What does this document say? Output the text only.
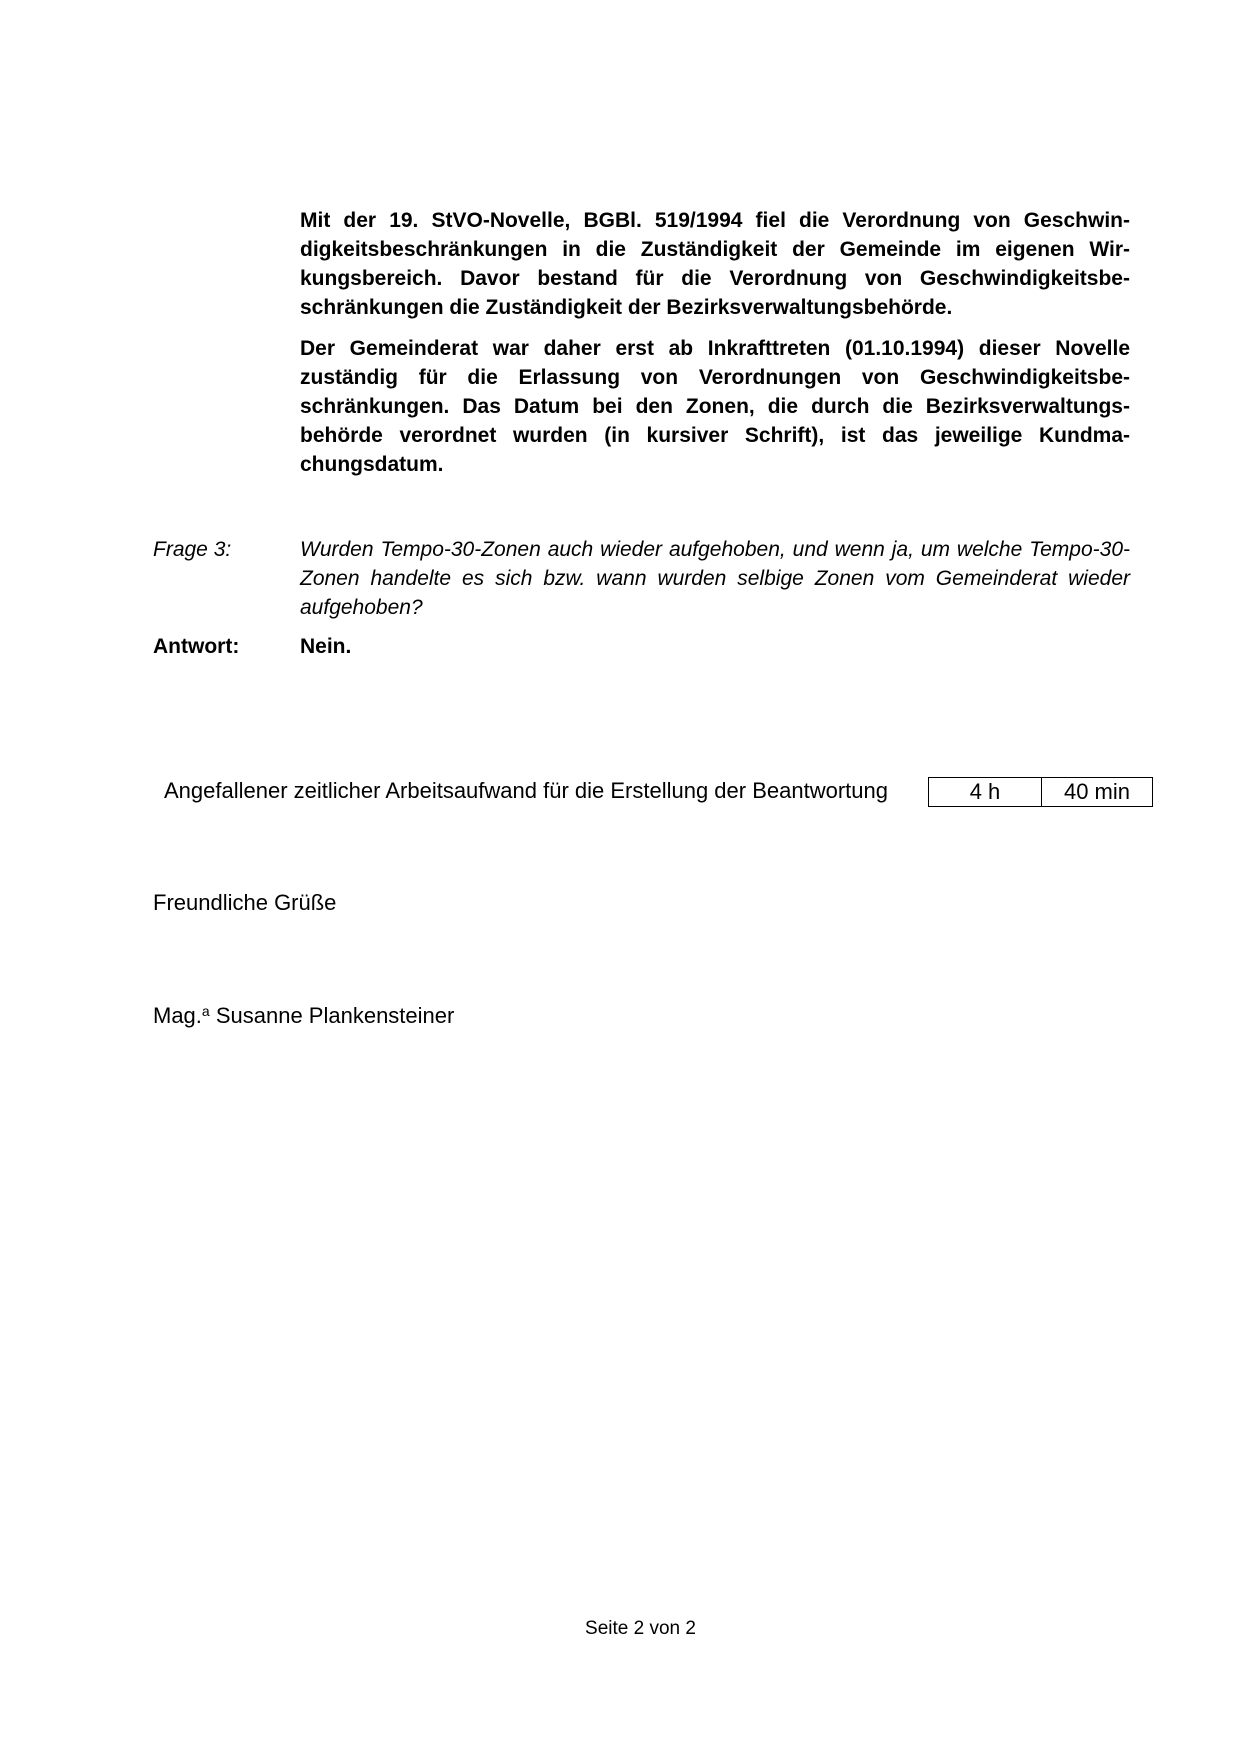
Mit der 19. StVO-Novelle, BGBl. 519/1994 fiel die Verordnung von Geschwindigkeitsbeschränkungen in die Zuständigkeit der Gemeinde im eigenen Wirkungsbereich. Davor bestand für die Verordnung von Geschwindigkeitsbeschränkungen die Zuständigkeit der Bezirksverwaltungsbehörde.
Der Gemeinderat war daher erst ab Inkrafttreten (01.10.1994) dieser Novelle zuständig für die Erlassung von Verordnungen von Geschwindigkeitsbeschränkungen. Das Datum bei den Zonen, die durch die Bezirksverwaltungsbehörde verordnet wurden (in kursiver Schrift), ist das jeweilige Kundmachungsdatum.
Frage 3:	Wurden Tempo-30-Zonen auch wieder aufgehoben, und wenn ja, um welche Tempo-30-Zonen handelte es sich bzw. wann wurden selbige Zonen vom Gemeinderat wieder aufgehoben?
Antwort:	Nein.
Angefallener zeitlicher Arbeitsaufwand für die Erstellung der Beantwortung	4 h	40 min
Freundliche Grüße
Mag.$^a$ Susanne Plankensteiner
Seite 2 von 2
